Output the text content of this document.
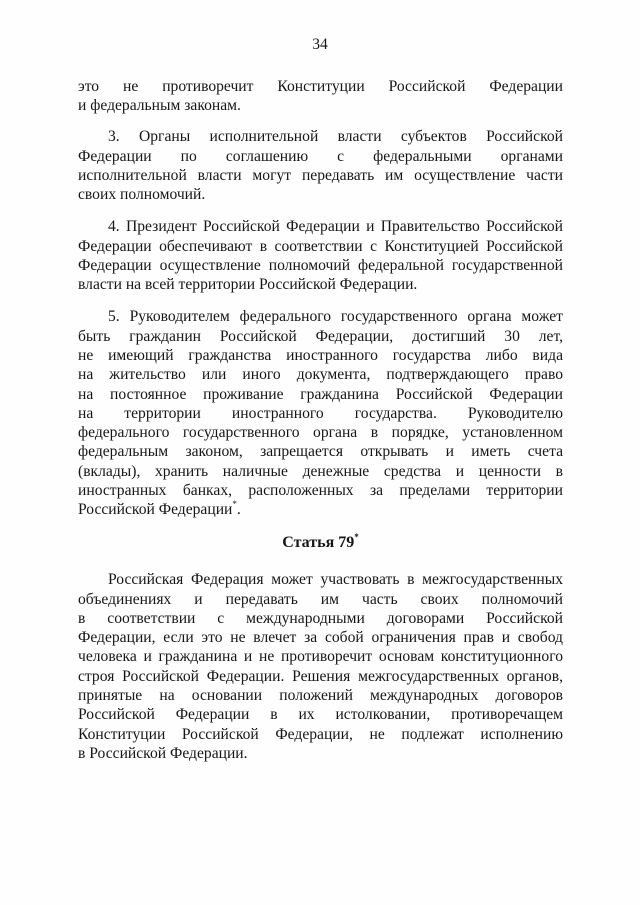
34
это не противоречит Конституции Российской Федерации
и федеральным законам.
3. Органы исполнительной власти субъектов Российской
Федерации по соглашению с федеральными органами
исполнительной власти могут передавать им осуществление части
своих полномочий.
4. Президент Российской Федерации и Правительство Российской
Федерации обеспечивают в соответствии с Конституцией Российской
Федерации осуществление полномочий федеральной государственной
власти на всей территории Российской Федерации.
5. Руководителем федерального государственного органа может
быть гражданин Российской Федерации, достигший 30 лет,
не имеющий гражданства иностранного государства либо вида
на жительство или иного документа, подтверждающего право
на постоянное проживание гражданина Российской Федерации
на территории иностранного государства. Руководителю
федерального государственного органа в порядке, установленном
федеральным законом, запрещается открывать и иметь счета
(вклады), хранить наличные денежные средства и ценности в
иностранных банках, расположенных за пределами территории
Российской Федерации*.
Статья 79*
Российская Федерация может участвовать в межгосударственных
объединениях и передавать им часть своих полномочий
в соответствии с международными договорами Российской
Федерации, если это не влечет за собой ограничения прав и свобод
человека и гражданина и не противоречит основам конституционного
строя Российской Федерации. Решения межгосударственных органов,
принятые на основании положений международных договоров
Российской Федерации в их истолковании, противоречащем
Конституции Российской Федерации, не подлежат исполнению
в Российской Федерации.
